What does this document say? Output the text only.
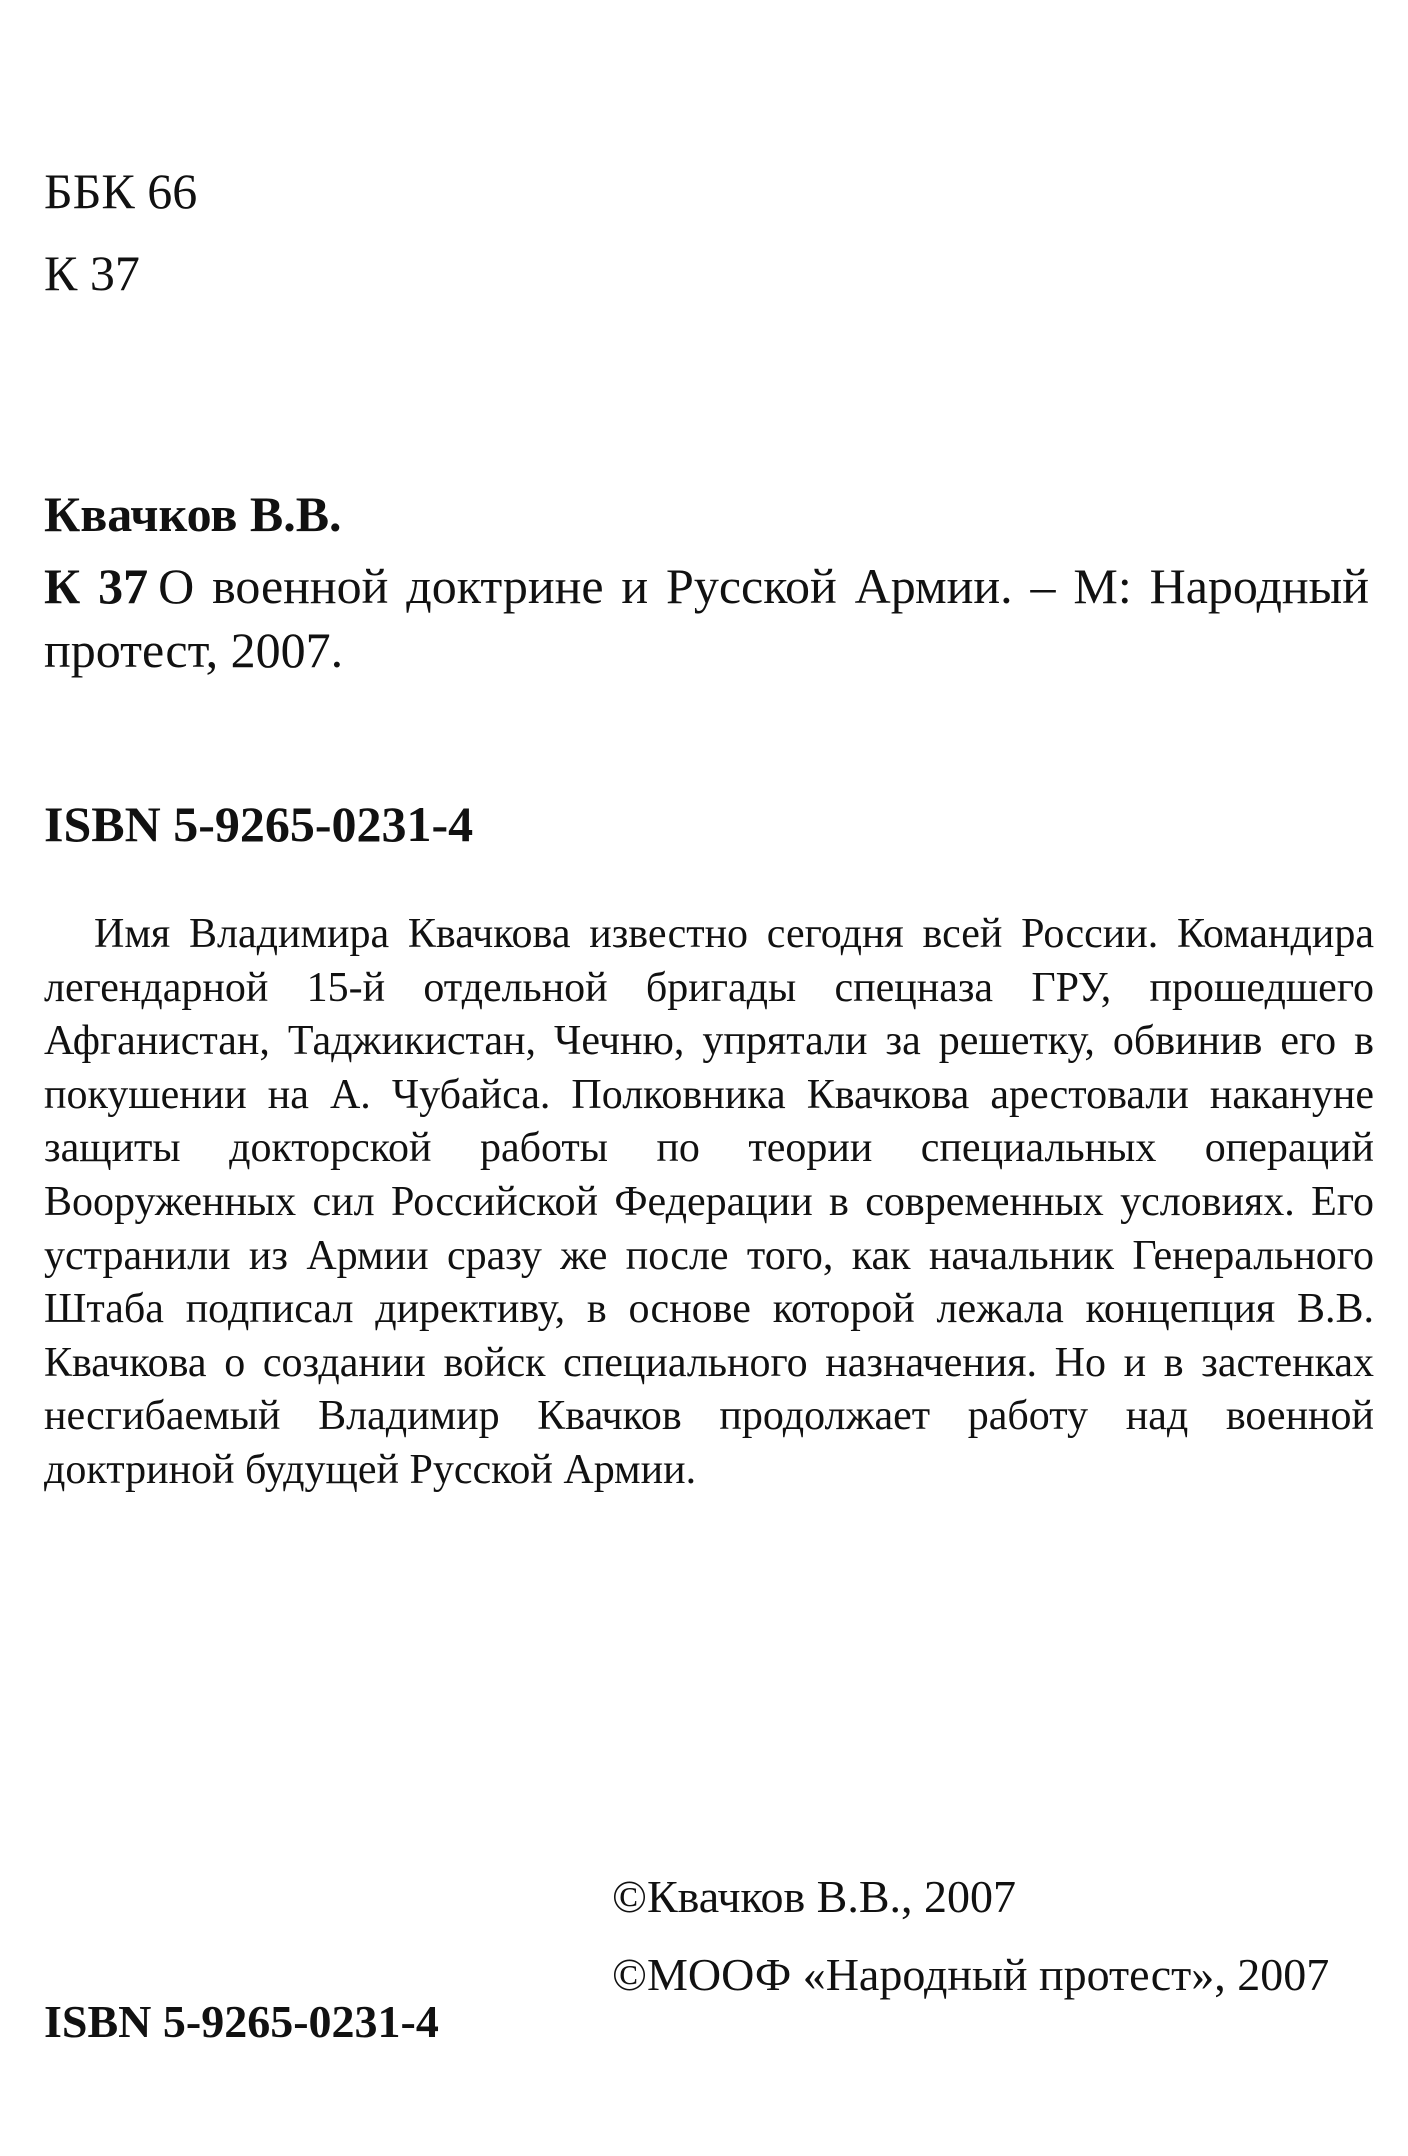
ББК 66
К 37
Квачков В.В.
К 37 О военной доктрине и Русской Армии. – М: Народный протест, 2007.
ISBN 5-9265-0231-4

Имя Владимира Квачкова известно сегодня всей России. Командира легендарной 15-й отдельной бригады спецназа ГРУ, прошедшего Афганистан, Таджикистан, Чечню, упрятали за решетку, обвинив его в покушении на А. Чубайса. Полковника Квачкова арестовали накануне защиты докторской работы по теории специальных операций Вооруженных сил Российской Федерации в современных условиях. Его устранили из Армии сразу же после того, как начальник Генерального Штаба подписал директиву, в основе которой лежала концепция В.В. Квачкова о создании войск специального назначения. Но и в застенках несгибаемый Владимир Квачков продолжает работу над военной доктриной будущей Русской Армии.

©Квачков В.В., 2007
©МООФ «Народный протест», 2007
ISBN 5-9265-0231-4
